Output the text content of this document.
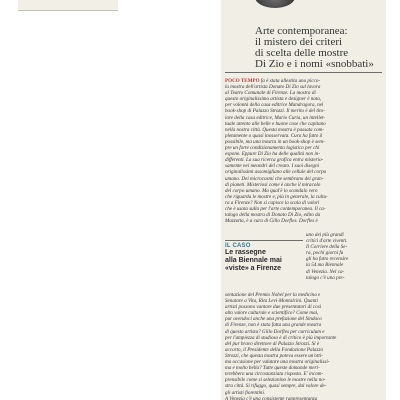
Arte contemporanea:
il mistero dei criteri
di scelta delle mostre
Di Zio e i nomi «snobbati»
POCO TEMPO fa è stata allestita una picco-
la mostra dell'artista Donato Di Zio sul lavora
al Teatro Comunale di Firenze. La mostra di
questo originalissimo artista e designer è nata,
per volontà della casa editrice Mandragora, nel
book-shop di Palazzo Strozzi. Il merito è del tito-
lare della casa editrice, Mario Curia, un intellet-
tuale attento alle belle e buone cose che capitano
nella nostra città. Questa mostra è passata com-
pletamente o quasi inosservata. Cura ha fatto il
possibile, ma una mostra in un book-shop è sem-
pre un forte condizionamento logistico per chi
espone. Eppure Di Zio ha delle qualità non in-
differenti. La sua ricerca grafica entra misterio-
samente nei meandri del creato. I suoi disegni
originalissimi assomigliano alle cellule del corpo
umano. Dei microcosmi che sembrano dei gran-
di pianeti. Misteriosi come è anche il miracolo
del corpo umano. Ma qual'è lo scandalo vero
che riguarda le mostre e, più in generale, la cultu-
ra a Firenze? Non si capisce la scala di valori
che è usata sulla per l'arte contemporanea. Il ca-
talogo della mostra di Donato Di Zio, edito da
Mazzotta, è a cura di Gillo Dorfles. Dorfles è
uno dei più grandi
critici d'arte viventi.
Il Corriere della Se-
ra, pochi giorni fa
gli ha fatto recensire
la 54.ma Biennale
di Venezia. Nel ca-
talogo c'è una pre-
IL CASO
Le rassegne
alla Biennale mai
«viste» a Firenze
sentazione del Premio Nobel per la medicina e
Senatore a Vita, Rita Levi-Montalcini. Quanti
artisti possono vantare due presentatori di così
alto valore culturale e scientifico? Come mai,
pur avendoci anche una prefazione del Sindaco
di Firenze, non è stata fatta una grande mostra
di questo artista? Gillo Dorfles per curriculum e
per l'ampiezza di studioso è di critico è più importante
del pur bravo direttore di Palazzo Strozzi. Si è
accorto, il Presidente della Fondazione Palazzo
Strozzi, che questa mostra poteva essere un'otti-
ma occasione per valutare una mostra originalissi-
ma e molto bella? Tutte queste domande meri-
terebbero una circostanziata risposta. E' incom-
prensibile come si selezionino le mostre nella no-
stra città. Si rifuggo, quasi sempre, dal valore de-
gli artisti fiorentini.
A Venezia c'è una consistente rappresentanza
